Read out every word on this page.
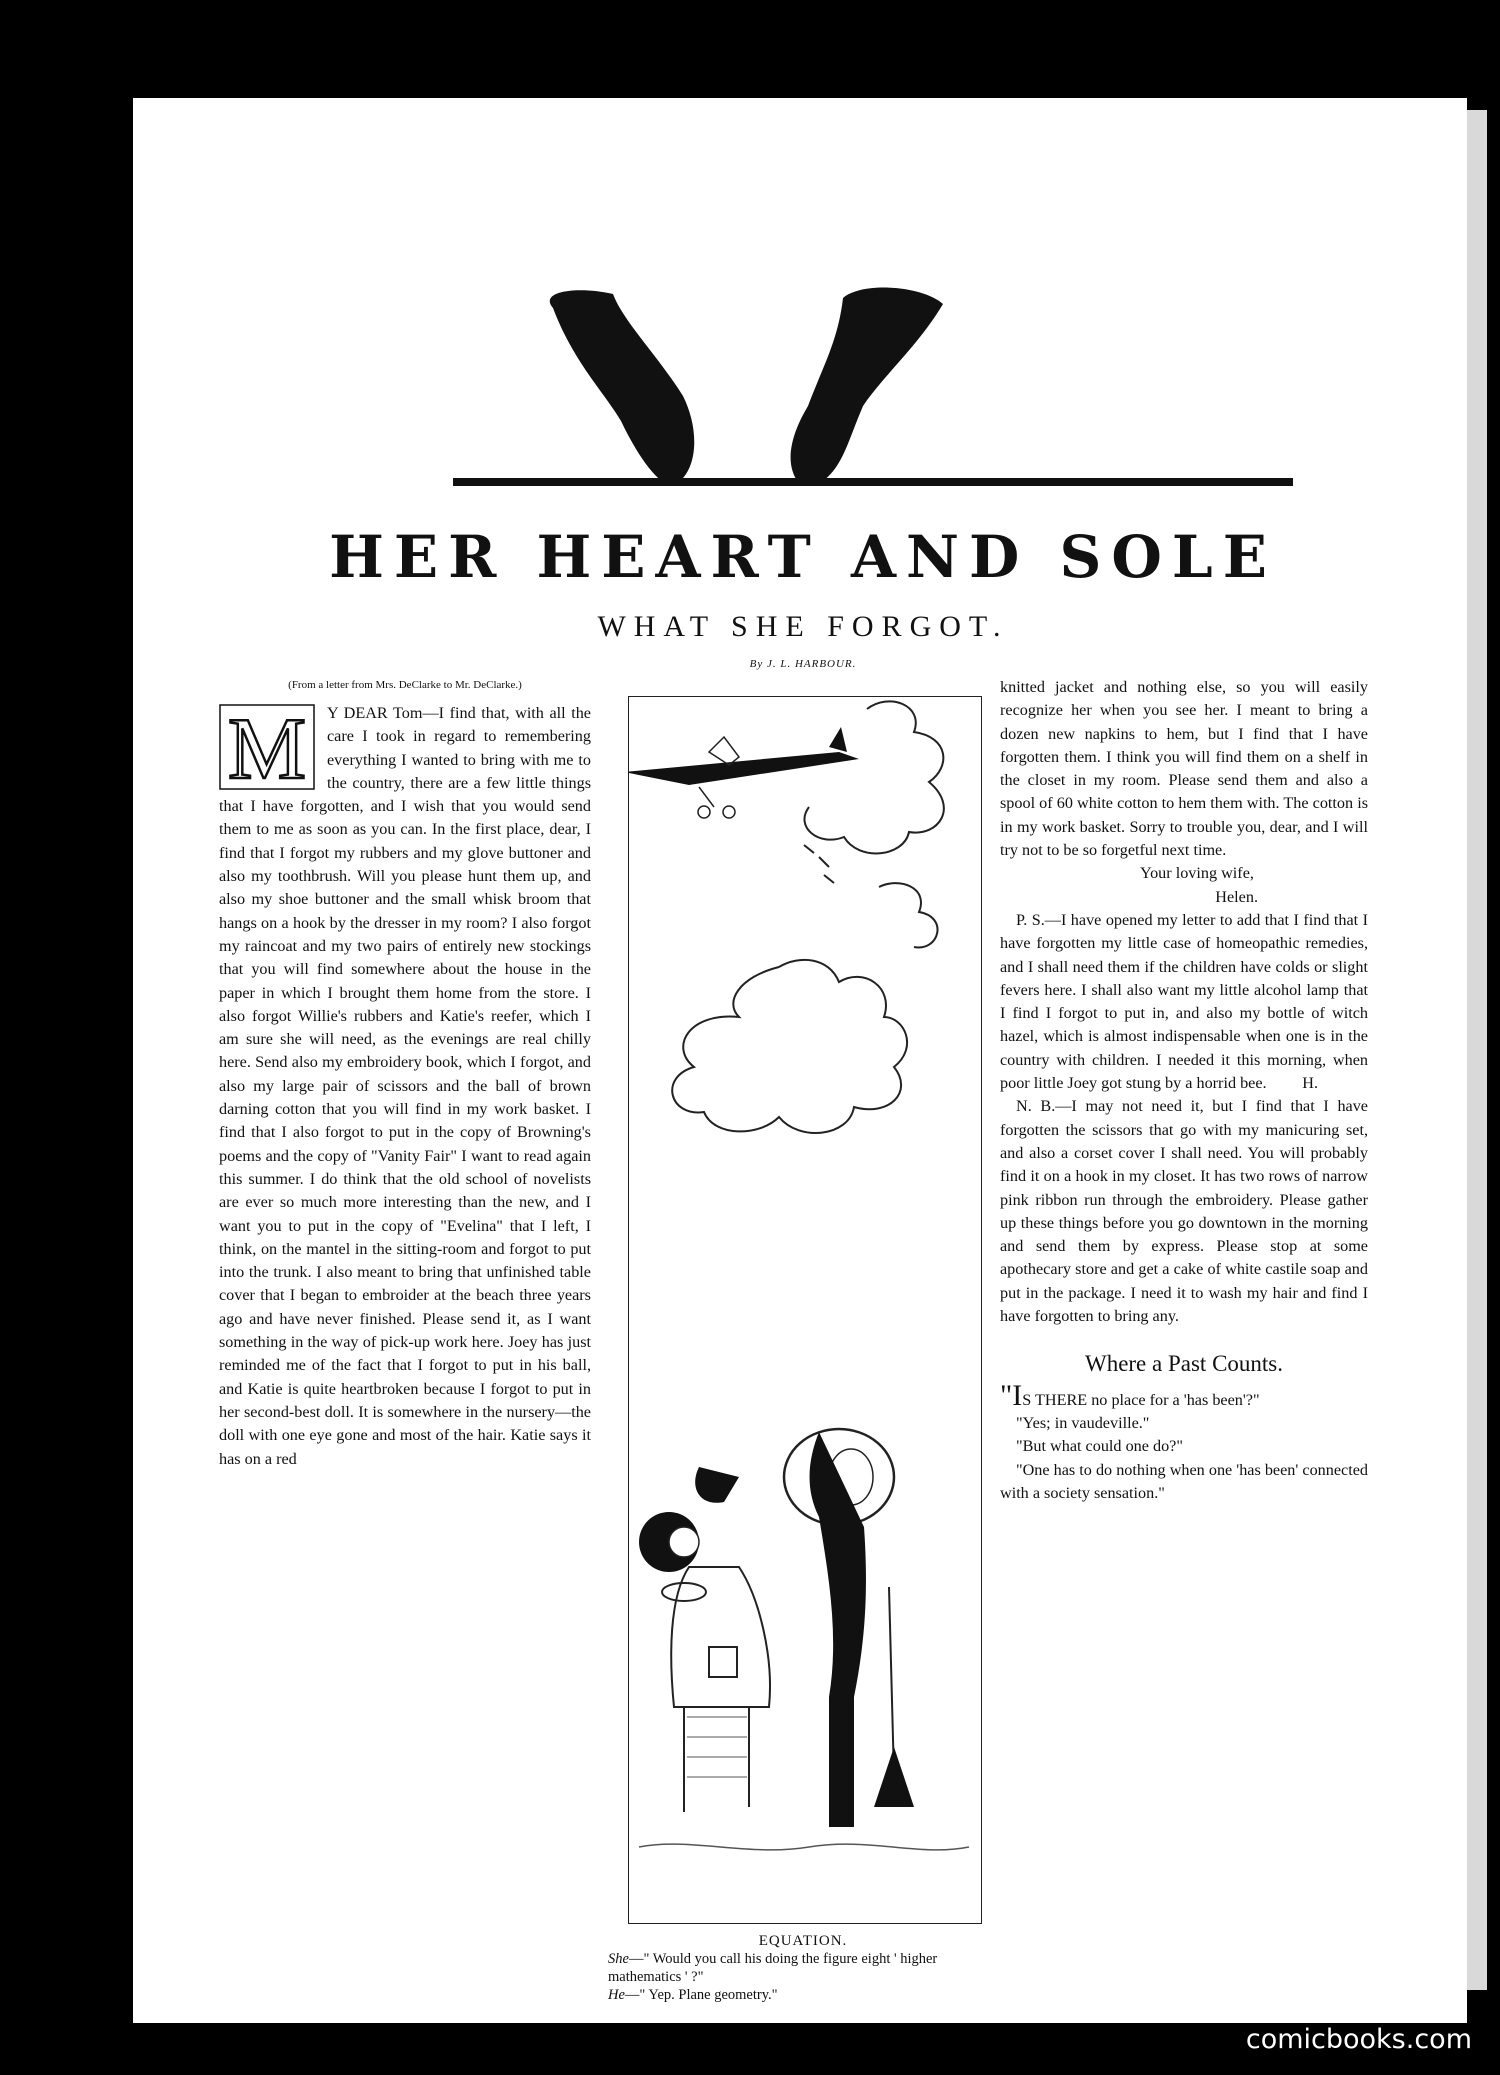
HER HEART AND SOLE
WHAT SHE FORGOT.
By J. L. HARBOUR.

(From a letter from Mrs. DeClarke to Mr. DeClarke.)

M Y DEAR Tom—I find that, with all the care I took in regard to remembering everything I wanted to bring with me to the country, there are a few little things that I have forgotten, and I wish that you would send them to me as soon as you can. In the first place, dear, I find that I forgot my rubbers and my glove buttoner and also my toothbrush. Will you please hunt them up, and also my shoe buttoner and the small whisk broom that hangs on a hook by the dresser in my room? I also forgot my raincoat and my two pairs of entirely new stockings that you will find somewhere about the house in the paper in which I brought them home from the store. I also forgot Willie's rubbers and Katie's reefer, which I am sure she will need, as the evenings are real chilly here. Send also my embroidery book, which I forgot, and also my large pair of scissors and the ball of brown darning cotton that you will find in my work basket. I find that I also forgot to put in the copy of Browning's poems and the copy of "Vanity Fair" I want to read again this summer. I do think that the old school of novelists are ever so much more interesting than the new, and I want you to put in the copy of "Evelina" that I left, I think, on the mantel in the sitting-room and forgot to put into the trunk. I also meant to bring that unfinished table cover that I began to embroider at the beach three years ago and have never finished. Please send it, as I want something in the way of pick-up work here. Joey has just reminded me of the fact that I forgot to put in his ball, and Katie is quite heartbroken because I forgot to put in her second-best doll. It is somewhere in the nursery—the doll with one eye gone and most of the hair. Katie says it has on a red

EQUATION.
She—" Would you call his doing the figure eight ' higher mathematics ' ?"
He—" Yep. Plane geometry."

knitted jacket and nothing else, so you will easily recognize her when you see her. I meant to bring a dozen new napkins to hem, but I find that I have forgotten them. I think you will find them on a shelf in the closet in my room. Please send them and also a spool of 60 white cotton to hem them with. The cotton is in my work basket. Sorry to trouble you, dear, and I will try not to be so forgetful next time.

Your loving wife,

Helen.

P. S.—I have opened my letter to add that I find that I have forgotten my little case of homeopathic remedies, and I shall need them if the children have colds or slight fevers here. I shall also want my little alcohol lamp that I find I forgot to put in, and also my bottle of witch hazel, which is almost indispensable when one is in the country with children. I needed it this morning, when poor little Joey got stung by a horrid bee.	H.

N. B.—I may not need it, but I find that I have forgotten the scissors that go with my manicuring set, and also a corset cover I shall need. You will probably find it on a hook in my closet. It has two rows of narrow pink ribbon run through the embroidery. Please gather up these things before you go downtown in the morning and send them by express. Please stop at some apothecary store and get a cake of white castile soap and put in the package. I need it to wash my hair and find I have forgotten to bring any.

Where a Past Counts.

"IS THERE no place for a 'has been'?"

"Yes; in vaudeville."

"But what could one do?"

"One has to do nothing when one 'has been' connected with a society sensation."

comicbooks.com
